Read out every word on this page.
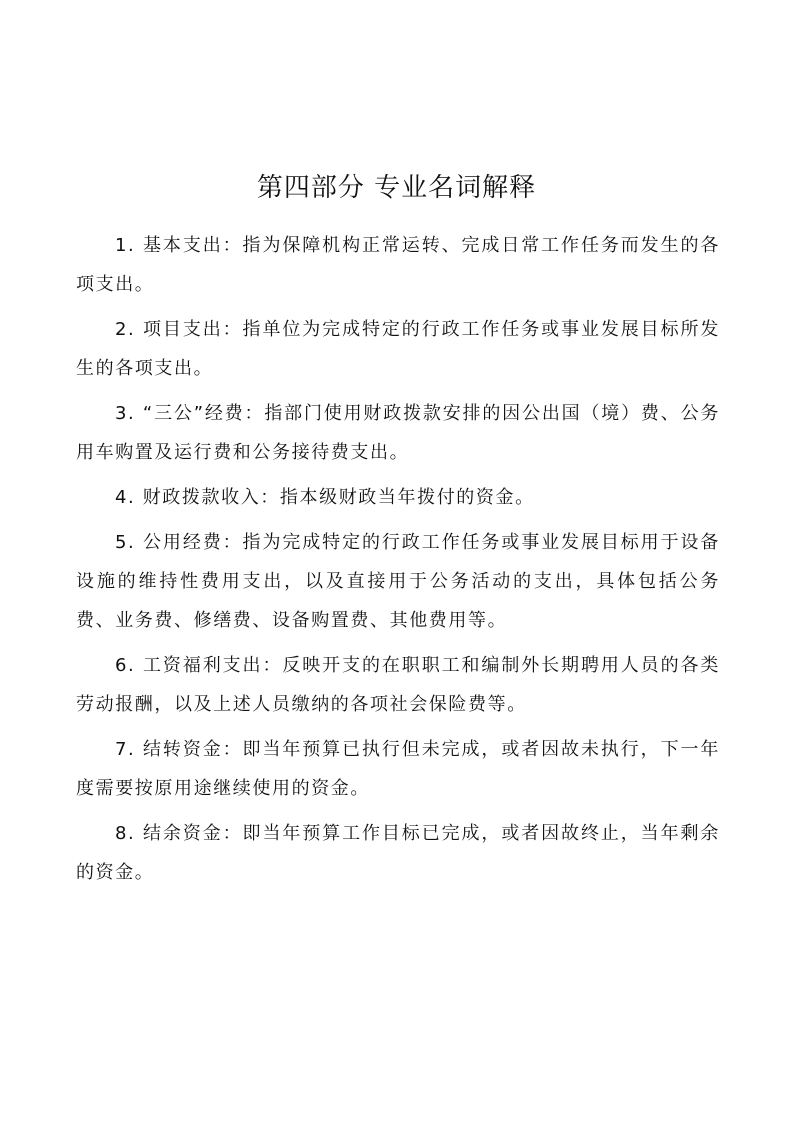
第四部分 专业名词解释
1. 基本支出：指为保障机构正常运转、完成日常工作任务而发生的各项支出。
2. 项目支出：指单位为完成特定的行政工作任务或事业发展目标所发生的各项支出。
3. “三公”经费：指部门使用财政拨款安排的因公出国（境）费、公务用车购置及运行费和公务接待费支出。
4. 财政拨款收入：指本级财政当年拨付的资金。
5. 公用经费：指为完成特定的行政工作任务或事业发展目标用于设备设施的维持性费用支出，以及直接用于公务活动的支出，具体包括公务费、业务费、修缮费、设备购置费、其他费用等。
6. 工资福利支出：反映开支的在职职工和编制外长期聘用人员的各类劳动报酬，以及上述人员缴纳的各项社会保险费等。
7. 结转资金：即当年预算已执行但未完成，或者因故未执行，下一年度需要按原用途继续使用的资金。
8. 结余资金：即当年预算工作目标已完成，或者因故终止，当年剩余的资金。
